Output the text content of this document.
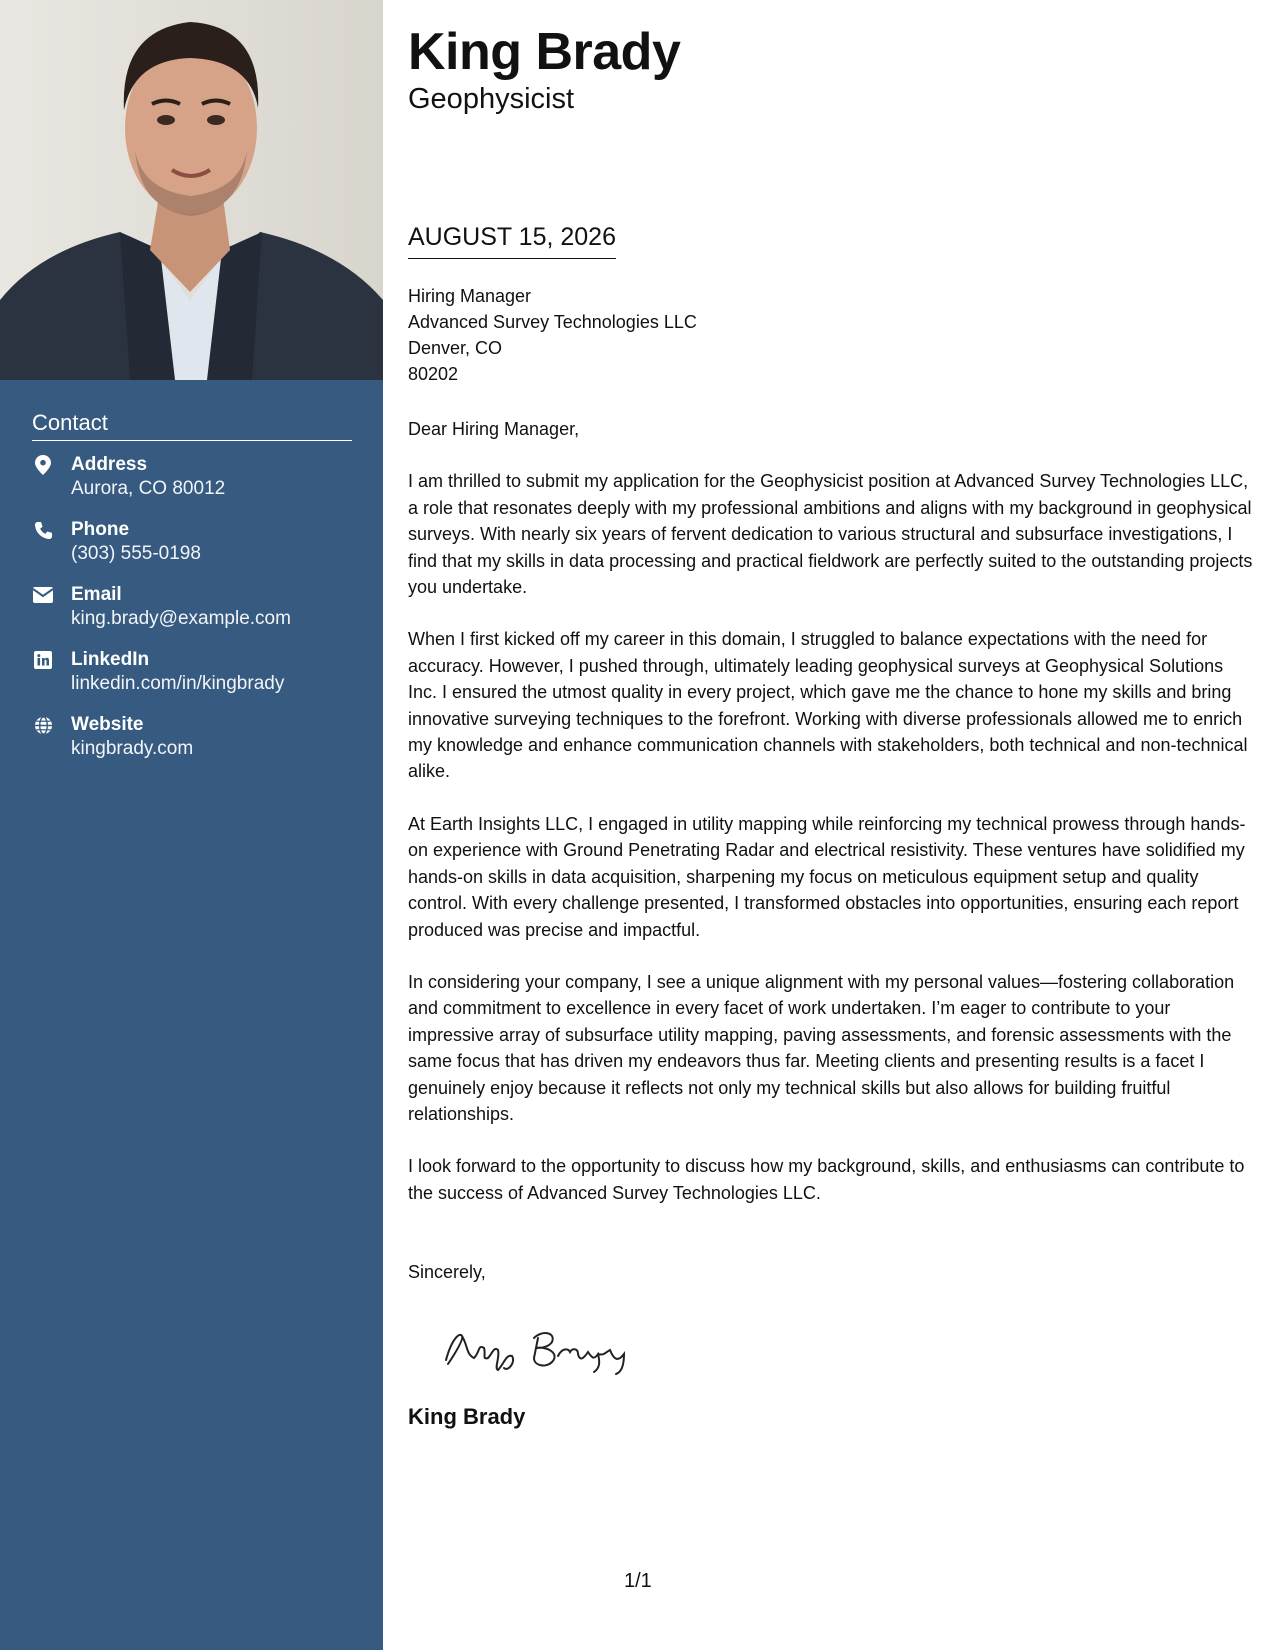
Contact
Address
Aurora, CO 80012
Phone
(303) 555-0198
Email
king.brady@example.com
LinkedIn
linkedin.com/in/kingbrady
Website
kingbrady.com
King Brady
Geophysicist
AUGUST 15, 2026
Hiring Manager
Advanced Survey Technologies LLC
Denver, CO
80202

Dear Hiring Manager,

I am thrilled to submit my application for the Geophysicist position at Advanced Survey Technologies LLC, a role that resonates deeply with my professional ambitions and aligns with my background in geophysical surveys. With nearly six years of fervent dedication to various structural and subsurface investigations, I find that my skills in data processing and practical fieldwork are perfectly suited to the outstanding projects you undertake.

When I first kicked off my career in this domain, I struggled to balance expectations with the need for accuracy. However, I pushed through, ultimately leading geophysical surveys at Geophysical Solutions Inc. I ensured the utmost quality in every project, which gave me the chance to hone my skills and bring innovative surveying techniques to the forefront. Working with diverse professionals allowed me to enrich my knowledge and enhance communication channels with stakeholders, both technical and non-technical alike.

At Earth Insights LLC, I engaged in utility mapping while reinforcing my technical prowess through hands-on experience with Ground Penetrating Radar and electrical resistivity. These ventures have solidified my hands-on skills in data acquisition, sharpening my focus on meticulous equipment setup and quality control. With every challenge presented, I transformed obstacles into opportunities, ensuring each report produced was precise and impactful.

In considering your company, I see a unique alignment with my personal values—fostering collaboration and commitment to excellence in every facet of work undertaken. I’m eager to contribute to your impressive array of subsurface utility mapping, paving assessments, and forensic assessments with the same focus that has driven my endeavors thus far. Meeting clients and presenting results is a facet I genuinely enjoy because it reflects not only my technical skills but also allows for building fruitful relationships.

I look forward to the opportunity to discuss how my background, skills, and enthusiasms can contribute to the success of Advanced Survey Technologies LLC.

Sincerely,
King Brady
1/1
